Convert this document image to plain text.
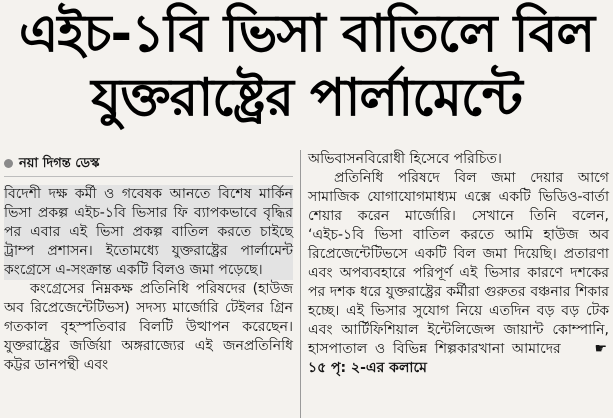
এইচ-১বি ভিসা বাতিলে বিল
যুক্তরাষ্ট্রের পার্লামেন্টে
নয়া দিগন্ত ডেস্ক

বিদেশী দক্ষ কর্মী ও গবেষক আনতে বিশেষ মার্কিন ভিসা প্রকল্প এইচ-১বি ভিসার ফি ব্যাপকভাবে বৃদ্ধির পর এবার এই ভিসা প্রকল্প বাতিল করতে চাইছে ট্রাম্প প্রশাসন। ইতোমধ্যে যুক্তরাষ্ট্রের পার্লামেন্ট কংগ্রেসে এ-সংক্রান্ত একটি বিলও জমা পড়েছে।

কংগ্রেসের নিম্নকক্ষ প্রতিনিধি পরিষদের (হাউজ অব রিপ্রেজেন্টেটিভস) সদস্য মার্জোরি টেইলর গ্রিন গতকাল বৃহস্পতিবার বিলটি উত্থাপন করেছেন। যুক্তরাষ্ট্রের জর্জিয়া অঙ্গরাজ্যের এই জনপ্রতিনিধি কট্টর ডানপন্থী এবং

অভিবাসনবিরোধী হিসেবে পরিচিত।

প্রতিনিধি পরিষদে বিল জমা দেয়ার আগে সামাজিক যোগাযোগমাধ্যম এক্সে একটি ভিডিও-বার্তা শেয়ার করেন মার্জোরি। সেখানে তিনি বলেন, ‘এইচ-১বি ভিসা বাতিল করতে আমি হাউজ অব রিপ্রেজেন্টেটিভসে একটি বিল জমা দিয়েছি। প্রতারণা এবং অপব্যবহারে পরিপূর্ণ এই ভিসার কারণে দশকের পর দশক ধরে যুক্তরাষ্ট্রের কর্মীরা গুরুতর বঞ্চনার শিকার হচ্ছে। এই ভিসার সুযোগ নিয়ে এতদিন বড় বড় টেক এবং আর্টিফিশিয়াল ইন্টেলিজেন্স জায়ান্ট কোম্পানি, হাসপাতাল ও বিভিন্ন শিল্পকারখানা আমাদের ☛১৫ পৃ: ২-এর কলামে
